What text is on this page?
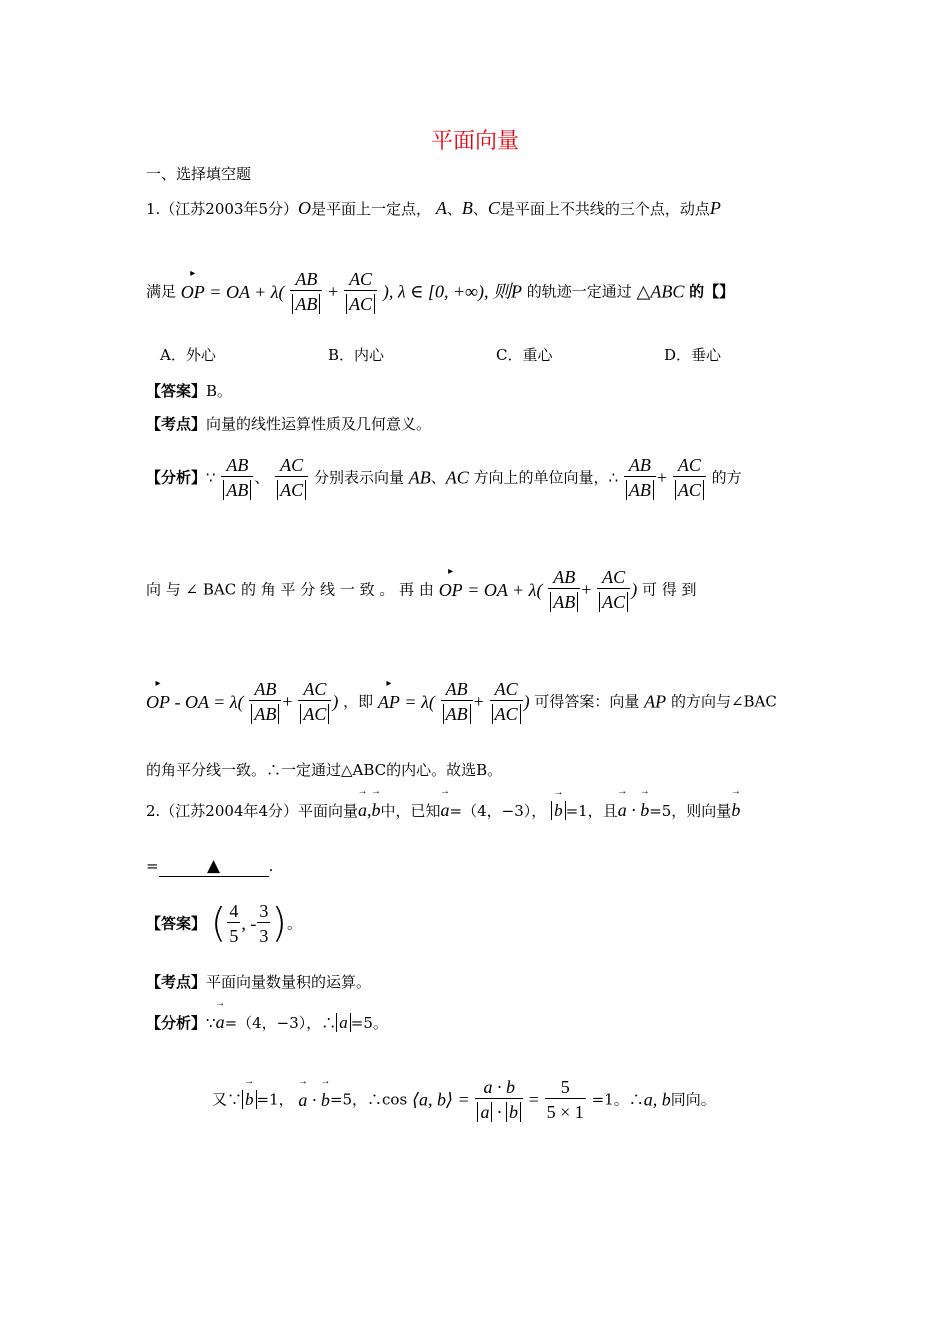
平面向量
一、选择填空题
1.（江苏2003年5分）O是平面上一定点， A、B、C是平面上不共线的三个点，动点P
满足 OP
▸
= OA + $\lambda( \frac{AB}{AB} + \frac{AC}{AC}$ ), λ ∈ [0, +∞), 则P 的轨迹一定通过 △ABC 的【】
A．外心	B．内心	C．重心	D．垂心
【答案】B。
【考点】向量的线性运算性质及几何意义。
【分析】∵ $\frac{AB}{AB}$ 、 $\frac{AC}{AC}$ 分别表示向量 AB、AC 方向上的单位向量，∴ $\frac{AB}{AB} + \frac{AC}{AC}$ 的方
向 与 ∠ BAC 的 角 平 分 线 一 致 。 再 由 OP
▸
= OA + $\lambda( \frac{AB}{AB} + \frac{AC}{AC}$ ) 可 得 到
OP
▸
- OA = $\lambda( \frac{AB}{AB} + \frac{AC}{AC}$ ) ，即 AP
▸
= $\lambda( \frac{AB}{AB} + \frac{AC}{AC}$ ) 可得答案：向量 AP 的方向与∠BAC
的角平分线一致。∴一定通过△ABC的内心。故选B。
2.（江苏2004年4分）平面向量a
→
,b
→
中，已知a
→
=（4，−3）， b
→
=1，且a
→
· b
→
=5，则向量b
→
=	▲	.
【答案】 ( $\frac{4}{5}$ , - $\frac{3}{3}$ )。
【考点】平面向量数量积的运算。
【分析】∵a
→
=（4，−3），∴ a =5。
又∵ b
→
=1， a
→
· b
→
=5，∴cos ⟨a, b⟩ = $\frac{a \cdot b}{a \cdot b} = \frac{5}{5 \times 1} =1$。∴a, b同向。
